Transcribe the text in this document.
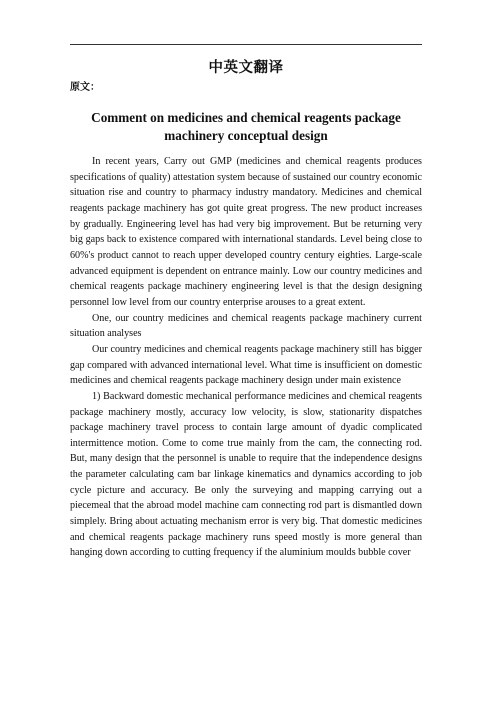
中英文翻译
原文：
Comment on medicines and chemical reagents package machinery conceptual design

In recent years, Carry out GMP (medicines and chemical reagents produces specifications of quality) attestation system because of sustained our country economic situation rise and country to pharmacy industry mandatory. Medicines and chemical reagents package machinery has got quite great progress. The new product increases by gradually. Engineering level has had very big improvement. But be returning very big gaps back to existence compared with international standards. Level being close to 60%'s product cannot to reach upper developed country century eighties. Large-scale advanced equipment is dependent on entrance mainly. Low our country medicines and chemical reagents package machinery engineering level is that the design designing personnel low level from our country enterprise arouses to a great extent.

One, our country medicines and chemical reagents package machinery current situation analyses

Our country medicines and chemical reagents package machinery still has bigger gap compared with advanced international level. What time is insufficient on domestic medicines and chemical reagents package machinery design under main existence

1) Backward domestic mechanical performance medicines and chemical reagents package machinery mostly, accuracy low velocity, is slow, stationarity dispatches package machinery travel process to contain large amount of dyadic complicated intermittence motion. Come to come true mainly from the cam, the connecting rod. But, many design that the personnel is unable to require that the independence designs the parameter calculating cam bar linkage kinematics and dynamics according to job cycle picture and accuracy. Be only the surveying and mapping carrying out a piecemeal that the abroad model machine cam connecting rod part is dismantled down simplely. Bring about actuating mechanism error is very big. That domestic medicines and chemical reagents package machinery runs speed mostly is more general than hanging down according to cutting frequency if the aluminium moulds bubble cover
